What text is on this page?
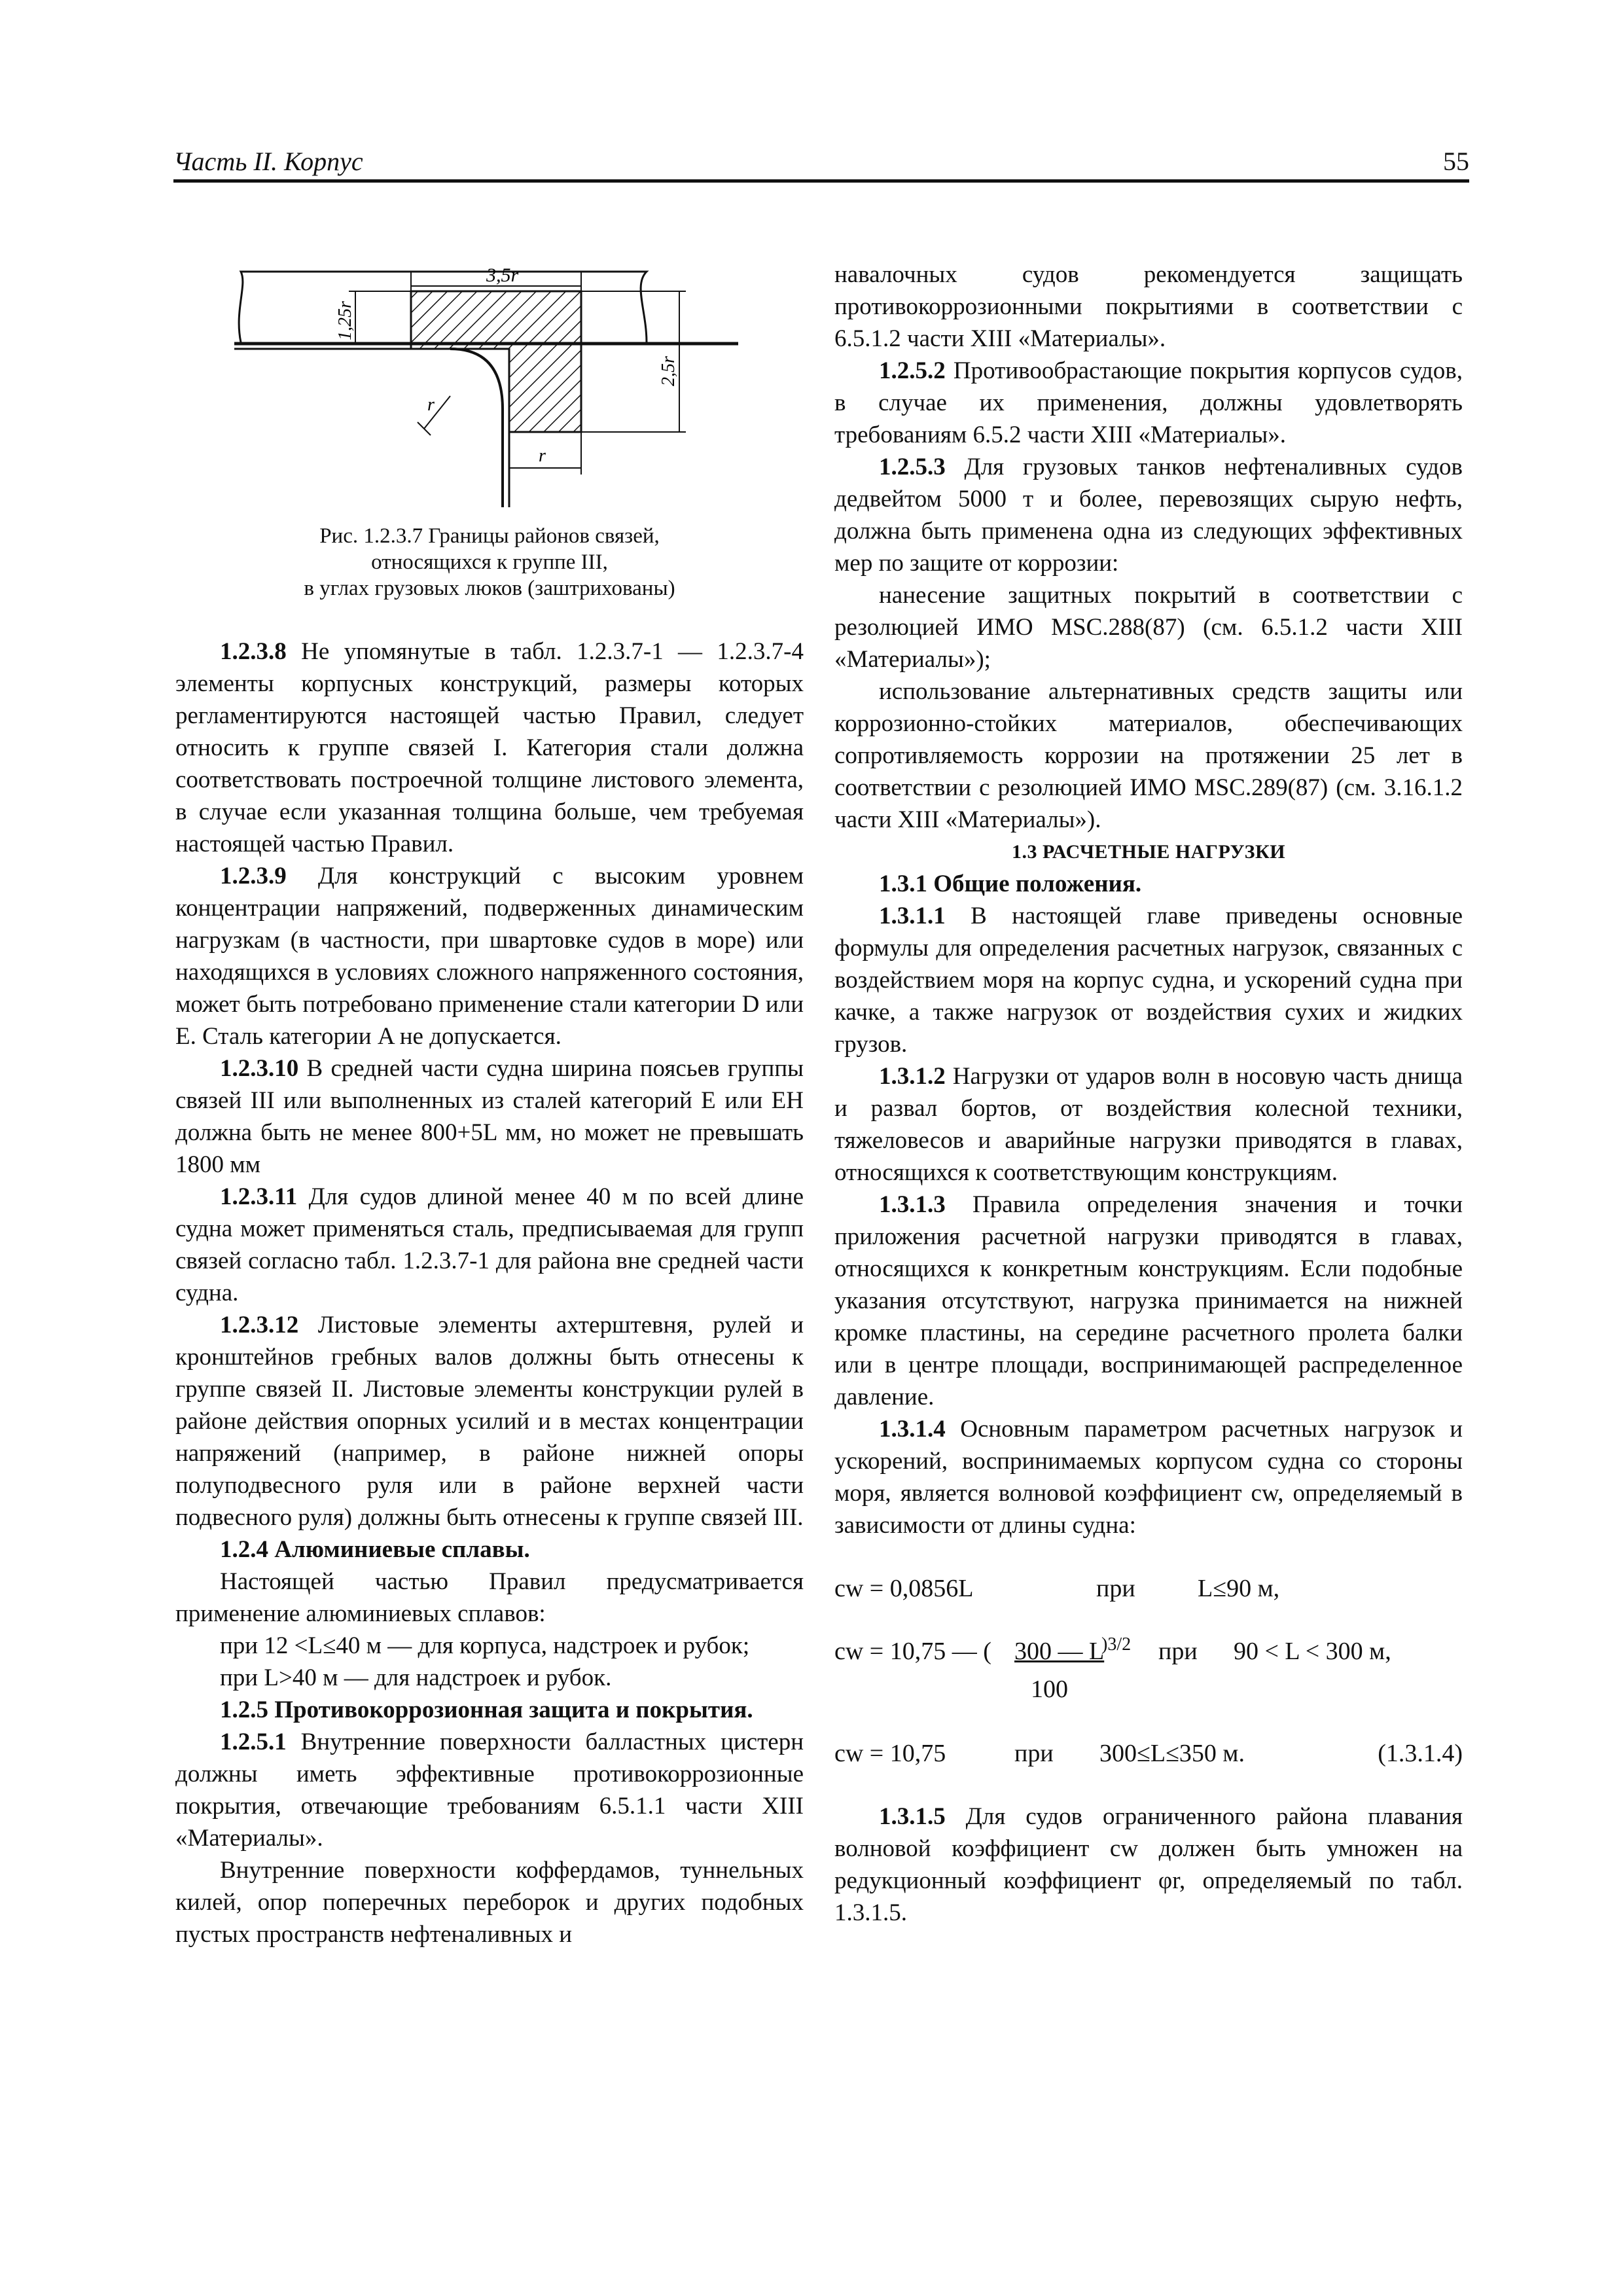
Часть II. Корпус	55
3,5r
1,25r
2,5r
r
r
Рис. 1.2.3.7 Границы районов связей,
относящихся к группе III,
в углах грузовых люков (заштрихованы)

1.2.3.8 Не упомянутые в табл. 1.2.3.7-1 — 1.2.3.7-4 элементы корпусных конструкций, размеры которых регламентируются настоящей частью Правил, следует относить к группе связей I. Категория стали должна соответствовать построечной толщине листового элемента, в случае если указанная толщина больше, чем требуемая настоящей частью Правил.

1.2.3.9 Для конструкций с высоким уровнем концентрации напряжений, подверженных динамическим нагрузкам (в частности, при швартовке судов в море) или находящихся в условиях сложного напряженного состояния, может быть потребовано применение стали категории D или E. Сталь категории A не допускается.

1.2.3.10 В средней части судна ширина поясьев группы связей III или выполненных из сталей категорий E или EH должна быть не менее 800+5L мм, но может не превышать 1800 мм

1.2.3.11 Для судов длиной менее 40 м по всей длине судна может применяться сталь, предписываемая для групп связей согласно табл. 1.2.3.7-1 для района вне средней части судна.

1.2.3.12 Листовые элементы ахтерштевня, рулей и кронштейнов гребных валов должны быть отнесены к группе связей II. Листовые элементы конструкции рулей в районе действия опорных усилий и в местах концентрации напряжений (например, в районе нижней опоры полуподвесного руля или в районе верхней части подвесного руля) должны быть отнесены к группе связей III.

1.2.4 Алюминиевые сплавы.

Настоящей частью Правил предусматривается применение алюминиевых сплавов:

при 12 <L≤40 м — для корпуса, надстроек и рубок;

при L>40 м — для надстроек и рубок.

1.2.5 Противокоррозионная защита и покрытия.

1.2.5.1 Внутренние поверхности балластных цистерн должны иметь эффективные противокоррозионные покрытия, отвечающие требованиям 6.5.1.1 части XIII «Материалы».

Внутренние поверхности коффердамов, туннельных килей, опор поперечных переборок и других подобных пустых пространств нефтеналивных и

навалочных судов рекомендуется защищать противокоррозионными покрытиями в соответствии с 6.5.1.2 части XIII «Материалы».

1.2.5.2 Противообрастающие покрытия корпусов судов, в случае их применения, должны удовлетворять требованиям 6.5.2 части XIII «Материалы».

1.2.5.3 Для грузовых танков нефтеналивных судов дедвейтом 5000 т и более, перевозящих сырую нефть, должна быть применена одна из следующих эффективных мер по защите от коррозии:

нанесение защитных покрытий в соответствии с резолюцией ИМО MSC.288(87) (см. 6.5.1.2 части XIII «Материалы»);

использование альтернативных средств защиты или коррозионно-стойких материалов, обеспечивающих сопротивляемость коррозии на протяжении 25 лет в соответствии с резолюцией ИМО MSC.289(87) (см. 3.16.1.2 части XIII «Материалы»).

1.3 РАСЧЕТНЫЕ НАГРУЗКИ

1.3.1 Общие положения.

1.3.1.1 В настоящей главе приведены основные формулы для определения расчетных нагрузок, связанных с воздействием моря на корпус судна, и ускорений судна при качке, а также нагрузок от воздействия сухих и жидких грузов.

1.3.1.2 Нагрузки от ударов волн в носовую часть днища и развал бортов, от воздействия колесной техники, тяжеловесов и аварийные нагрузки приводятся в главах, относящихся к соответствующим конструкциям.

1.3.1.3 Правила определения значения и точки приложения расчетной нагрузки приводятся в главах, относящихся к конкретным конструкциям. Если подобные указания отсутствуют, нагрузка принимается на нижней кромке пластины, на середине расчетного пролета балки или в центре площади, воспринимающей распределенное давление.

1.3.1.4 Основным параметром расчетных нагрузок и ускорений, воспринимаемых корпусом судна со стороны моря, является волновой коэффициент cw, определяемый в зависимости от длины судна:

cw = 0,0856L	при	L≤90 м,
cw = 10,75 — ( 300 — L
)3/2
100
при 90 < L < 300 м,
cw = 10,75	при 300≤L≤350 м.	(1.3.1.4)

1.3.1.5 Для судов ограниченного района плавания волновой коэффициент cw должен быть умножен на редукционный коэффициент φr, определяемый по табл. 1.3.1.5.
